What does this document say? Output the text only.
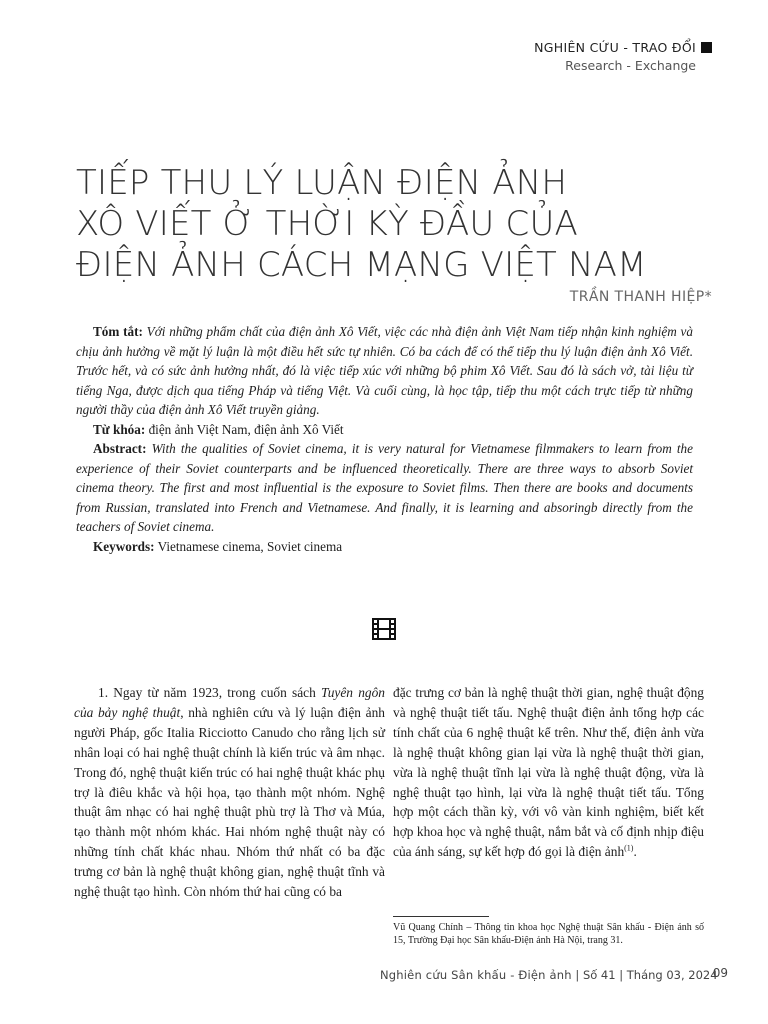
NGHIÊN CỨU - TRAO ĐỔI
Research - Exchange
TIẾP THU LÝ LUẬN ĐIỆN ẢNH
XÔ VIẾT Ở THỜI KỲ ĐẦU CỦA
ĐIỆN ẢNH CÁCH MẠNG VIỆT NAM
TRẦN THANH HIỆP*

Tóm tắt: Với những phẩm chất của điện ảnh Xô Viết, việc các nhà điện ảnh Việt Nam tiếp nhận kinh nghiệm và chịu ảnh hưởng về mặt lý luận là một điều hết sức tự nhiên. Có ba cách để có thể tiếp thu lý luận điện ảnh Xô Viết. Trước hết, và có sức ảnh hưởng nhất, đó là việc tiếp xúc với những bộ phim Xô Viết. Sau đó là sách vở, tài liệu từ tiếng Nga, được dịch qua tiếng Pháp và tiếng Việt. Và cuối cùng, là học tập, tiếp thu một cách trực tiếp từ những người thầy của điện ảnh Xô Viết truyền giảng.

Từ khóa: điện ảnh Việt Nam, điện ảnh Xô Viết

Abstract: With the qualities of Soviet cinema, it is very natural for Vietnamese filmmakers to learn from the experience of their Soviet counterparts and be influenced theoretically. There are three ways to absorb Soviet cinema theory. The first and most influential is the exposure to Soviet films. Then there are books and documents from Russian, translated into French and Vietnamese. And finally, it is learning and absoringb directly from the teachers of Soviet cinema.

Keywords: Vietnamese cinema, Soviet cinema

1. Ngay từ năm 1923, trong cuốn sách Tuyên ngôn của bảy nghệ thuật, nhà nghiên cứu và lý luận điện ảnh người Pháp, gốc Italia Ricciotto Canudo cho rằng lịch sử nhân loại có hai nghệ thuật chính là kiến trúc và âm nhạc. Trong đó, nghệ thuật kiến trúc có hai nghệ thuật khác phụ trợ là điêu khắc và hội họa, tạo thành một nhóm. Nghệ thuật âm nhạc có hai nghệ thuật phù trợ là Thơ và Múa, tạo thành một nhóm khác. Hai nhóm nghệ thuật này có những tính chất khác nhau. Nhóm thứ nhất có ba đặc trưng cơ bản là nghệ thuật không gian, nghệ thuật tĩnh và nghệ thuật tạo hình. Còn nhóm thứ hai cũng có ba

đặc trưng cơ bản là nghệ thuật thời gian, nghệ thuật động và nghệ thuật tiết tấu. Nghệ thuật điện ảnh tổng hợp các tính chất của 6 nghệ thuật kể trên. Như thế, điện ảnh vừa là nghệ thuật không gian lại vừa là nghệ thuật thời gian, vừa là nghệ thuật tĩnh lại vừa là nghệ thuật động, vừa là nghệ thuật tạo hình, lại vừa là nghệ thuật tiết tấu. Tổng hợp một cách thần kỳ, với vô vàn kinh nghiệm, biết kết hợp khoa học và nghệ thuật, nắm bắt và cố định nhịp điệu của ánh sáng, sự kết hợp đó gọi là điện ảnh$^{(1)}$.

Vũ Quang Chính – Thông tin khoa học Nghệ thuật Sân khấu - Điện ảnh số 15, Trường Đại học Sân khấu-Điện ảnh Hà Nội, trang 31.
Nghiên cứu Sân khấu - Điện ảnh | Số 41 | Tháng 03, 2024
09
